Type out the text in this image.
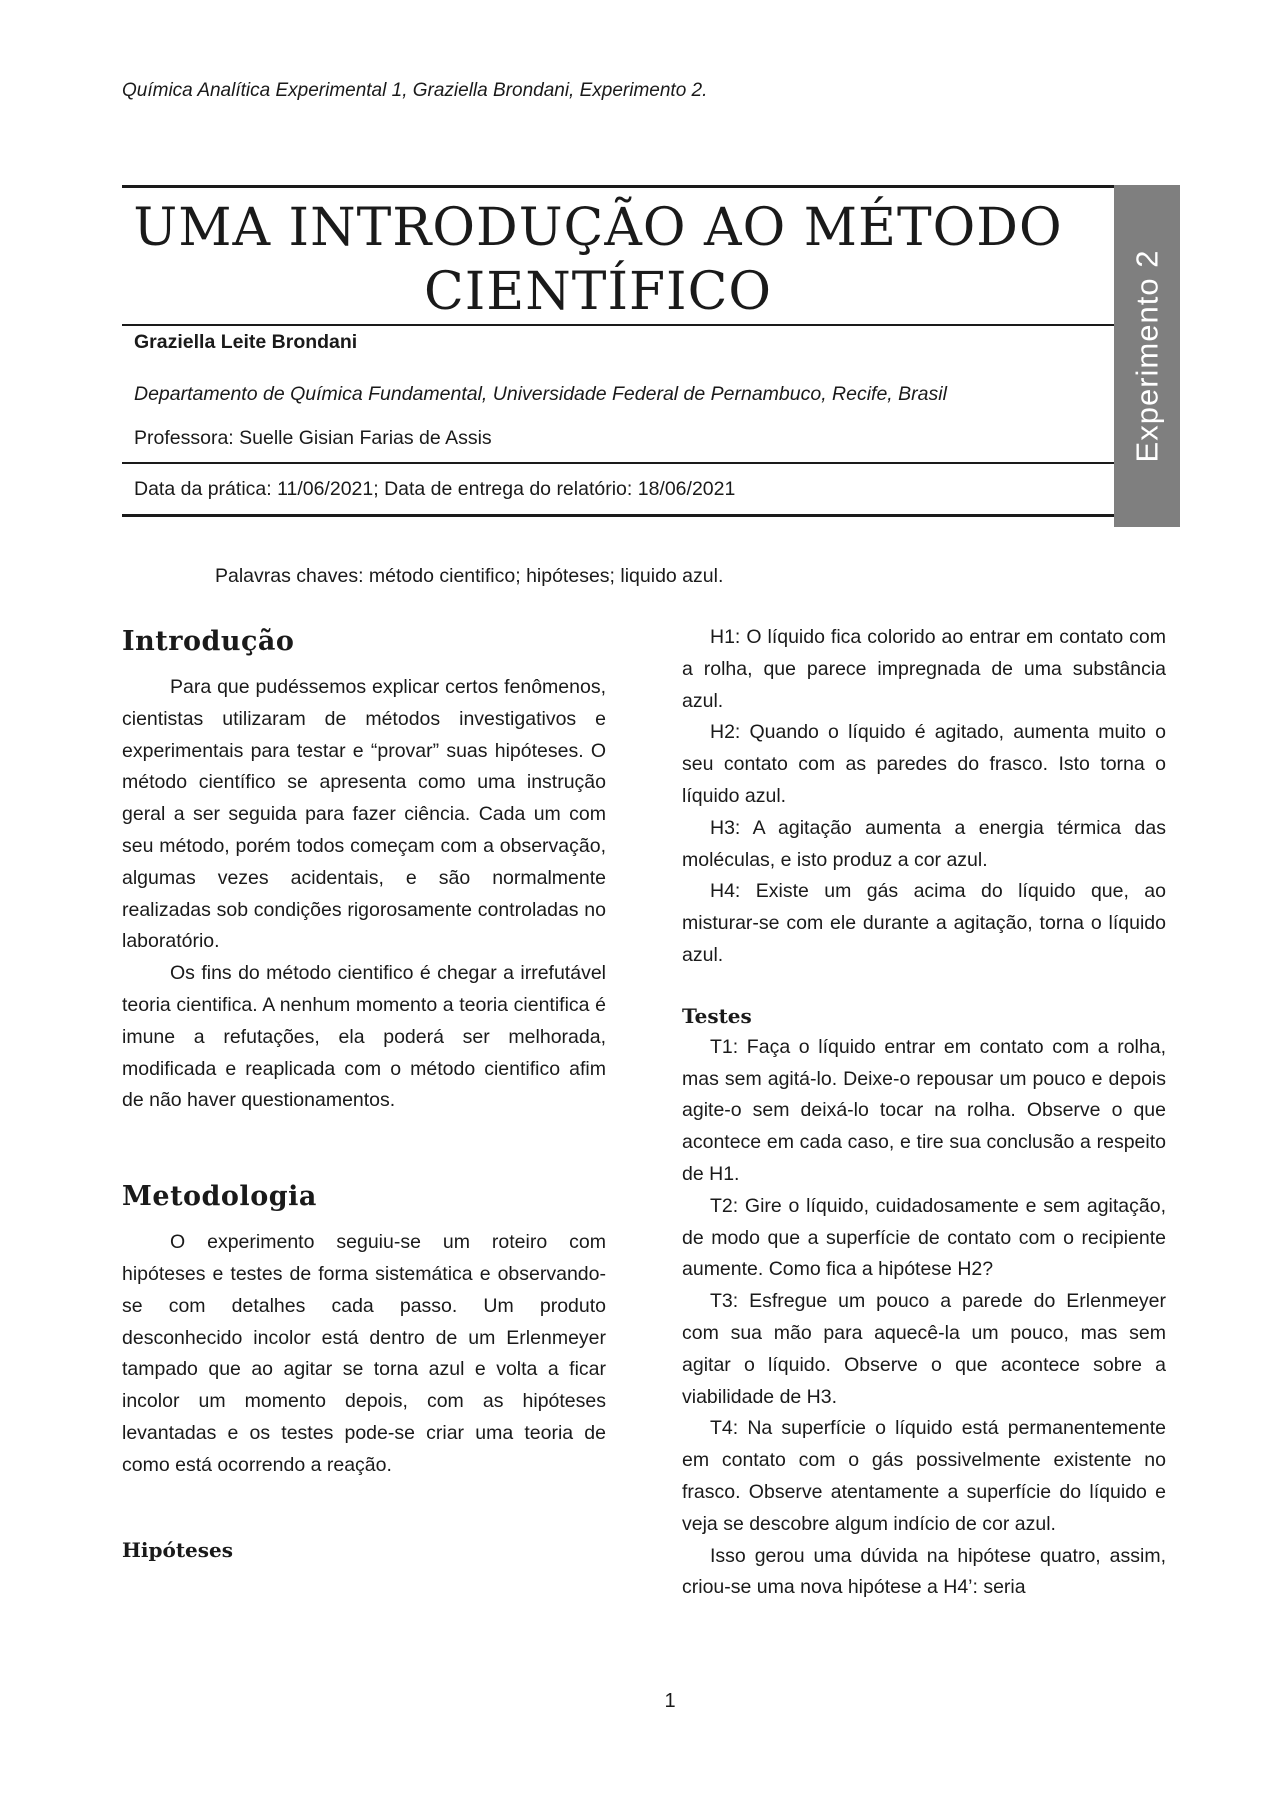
Química Analítica Experimental 1, Graziella Brondani, Experimento 2.
UMA INTRODUÇÃO AO MÉTODO
CIENTÍFICO
Graziella Leite Brondani
Departamento de Química Fundamental, Universidade Federal de Pernambuco, Recife, Brasil
Professora: Suelle Gisian Farias de Assis
Data da prática: 11/06/2021; Data de entrega do relatório: 18/06/2021
Experimento 2
Palavras chaves: método cientifico; hipóteses; liquido azul.
Introdução

Para que pudéssemos explicar certos fenômenos, cientistas utilizaram de métodos investigativos e experimentais para testar e “provar” suas hipóteses. O método científico se apresenta como uma instrução geral a ser seguida para fazer ciência. Cada um com seu método, porém todos começam com a observação, algumas vezes acidentais, e são normalmente realizadas sob condições rigorosamente controladas no laboratório.

Os fins do método cientifico é chegar a irrefutável teoria cientifica. A nenhum momento a teoria cientifica é imune a refutações, ela poderá ser melhorada, modificada e reaplicada com o método cientifico afim de não haver questionamentos.

Metodologia

O experimento seguiu-se um roteiro com hipóteses e testes de forma sistemática e observando-se com detalhes cada passo. Um produto desconhecido incolor está dentro de um Erlenmeyer tampado que ao agitar se torna azul e volta a ficar incolor um momento depois, com as hipóteses levantadas e os testes pode-se criar uma teoria de como está ocorrendo a reação.

Hipóteses

H1: O líquido fica colorido ao entrar em contato com a rolha, que parece impregnada de uma substância azul.

H2: Quando o líquido é agitado, aumenta muito o seu contato com as paredes do frasco. Isto torna o líquido azul.

H3: A agitação aumenta a energia térmica das moléculas, e isto produz a cor azul.

H4: Existe um gás acima do líquido que, ao misturar-se com ele durante a agitação, torna o líquido azul.

Testes

T1: Faça o líquido entrar em contato com a rolha, mas sem agitá-lo. Deixe-o repousar um pouco e depois agite-o sem deixá-lo tocar na rolha. Observe o que acontece em cada caso, e tire sua conclusão a respeito de H1.

T2: Gire o líquido, cuidadosamente e sem agitação, de modo que a superfície de contato com o recipiente aumente. Como fica a hipótese H2?

T3: Esfregue um pouco a parede do Erlenmeyer com sua mão para aquecê-la um pouco, mas sem agitar o líquido. Observe o que acontece sobre a viabilidade de H3.

T4: Na superfície o líquido está permanentemente em contato com o gás possivelmente existente no frasco. Observe atentamente a superfície do líquido e veja se descobre algum indício de cor azul.

Isso gerou uma dúvida na hipótese quatro, assim, criou-se uma nova hipótese a H4’: seria

1
